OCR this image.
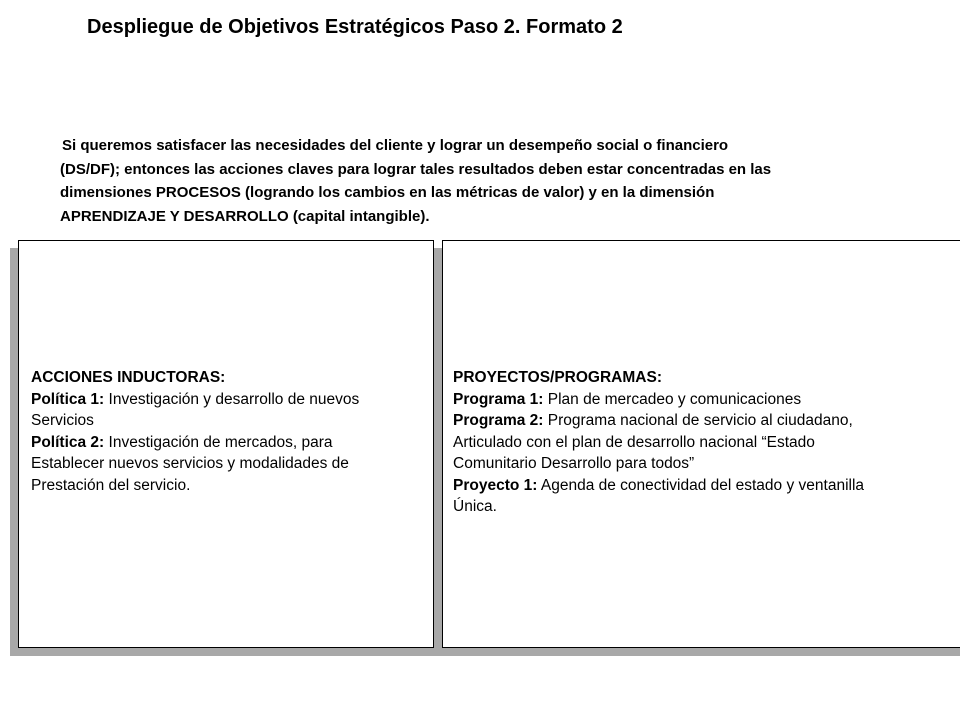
Despliegue de Objetivos Estratégicos Paso 2. Formato 2

Si queremos satisfacer las necesidades del cliente y lograr un desempeño social o financiero
(DS/DF); entonces las acciones claves para lograr tales resultados deben estar concentradas en las
dimensiones PROCESOS (logrando los cambios en las métricas de valor) y en la dimensión
APRENDIZAJE Y DESARROLLO (capital intangible).

ACCIONES INDUCTORAS:
Política 1: Investigación y desarrollo de nuevos
Servicios
Política 2: Investigación de mercados, para
Establecer nuevos servicios y modalidades de
Prestación del servicio.
PROYECTOS/PROGRAMAS:
Programa 1: Plan de mercadeo y comunicaciones
Programa 2: Programa nacional de servicio al ciudadano,
Articulado con el plan de desarrollo nacional “Estado
Comunitario Desarrollo para todos”
Proyecto 1: Agenda de conectividad del estado y ventanilla
Única.
